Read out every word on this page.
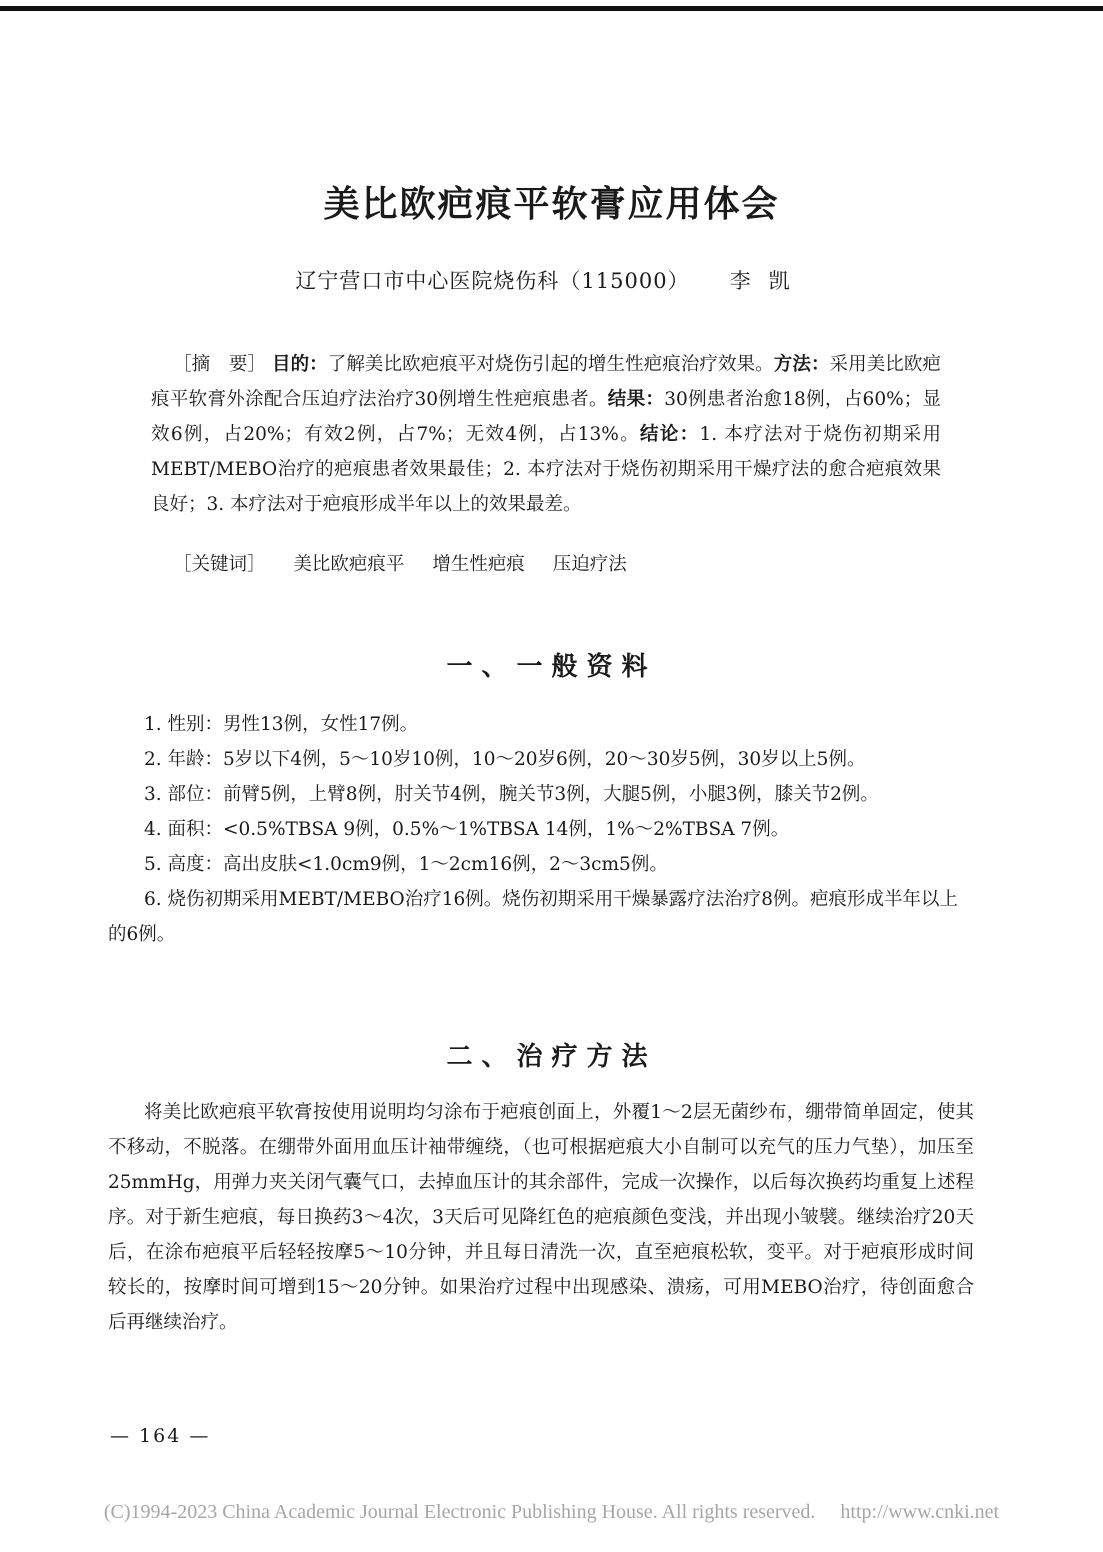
美比欧疤痕平软膏应用体会
辽宁营口市中心医院烧伤科（115000） 李凯

［摘　要］ 目的：了解美比欧疤痕平对烧伤引起的增生性疤痕治疗效果。方法：采用美比欧疤痕平软膏外涂配合压迫疗法治疗30例增生性疤痕患者。结果：30例患者治愈18例，占60%；显效6例，占20%；有效2例，占7%；无效4例，占13%。结论：1. 本疗法对于烧伤初期采用MEBT/MEBO治疗的疤痕患者效果最佳；2. 本疗法对于烧伤初期采用干燥疗法的愈合疤痕效果良好；3. 本疗法对于疤痕形成半年以上的效果最差。

［关键词］ 美比欧疤痕平 增生性疤痕 压迫疗法
一、一般资料
1. 性别：男性13例，女性17例。
2. 年龄：5岁以下4例，5～10岁10例，10～20岁6例，20～30岁5例，30岁以上5例。
3. 部位：前臂5例，上臂8例，肘关节4例，腕关节3例，大腿5例，小腿3例，膝关节2例。
4. 面积：<0.5%TBSA 9例，0.5%～1%TBSA 14例，1%～2%TBSA 7例。
5. 高度：高出皮肤<1.0cm9例，1～2cm16例，2～3cm5例。
6. 烧伤初期采用MEBT/MEBO治疗16例。烧伤初期采用干燥暴露疗法治疗8例。疤痕形成半年以上的6例。
二、治疗方法

将美比欧疤痕平软膏按使用说明均匀涂布于疤痕创面上，外覆1～2层无菌纱布，绷带简单固定，使其不移动，不脱落。在绷带外面用血压计袖带缠绕，（也可根据疤痕大小自制可以充气的压力气垫），加压至25mmHg，用弹力夹关闭气囊气口，去掉血压计的其余部件，完成一次操作，以后每次换药均重复上述程序。对于新生疤痕，每日换药3～4次，3天后可见降红色的疤痕颜色变浅，并出现小皱襞。继续治疗20天后，在涂布疤痕平后轻轻按摩5～10分钟，并且每日清洗一次，直至疤痕松软，变平。对于疤痕形成时间较长的，按摩时间可增到15～20分钟。如果治疗过程中出现感染、溃疡，可用MEBO治疗，待创面愈合后再继续治疗。

— 164 —
(C)1994-2023 China Academic Journal Electronic Publishing House. All rights reserved.　 http://www.cnki.net
